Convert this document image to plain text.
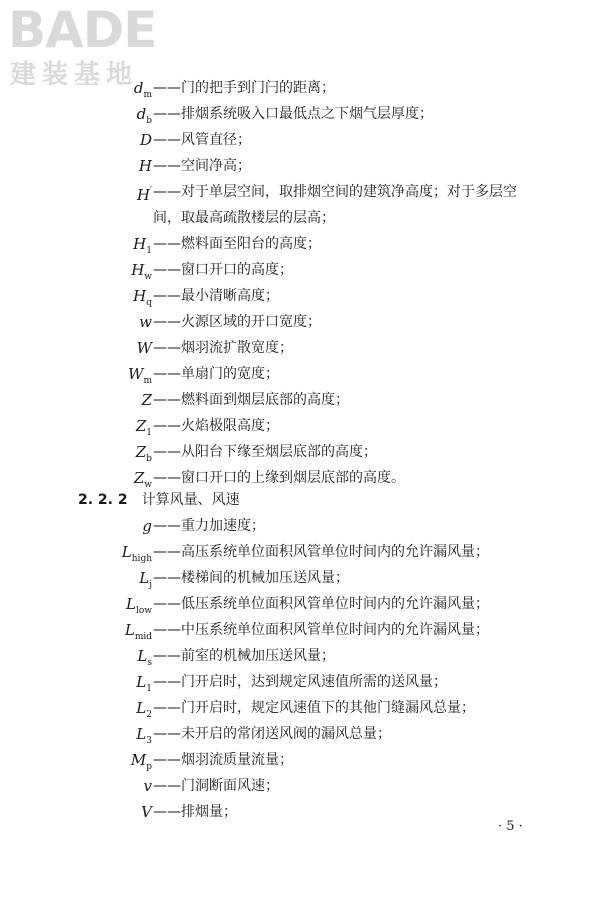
BADE
建装基地
$d_m$ ——门的把手到门闩的距离；
$d_b$ ——排烟系统吸入口最低点之下烟气层厚度；
D ——风管直径；
H ——空间净高；
H′ ——对于单层空间，取排烟空间的建筑净高度；对于多层空
间，取最高疏散楼层的层高；
$H_1$ ——燃料面至阳台的高度；
$H_w$ ——窗口开口的高度；
$H_q$ ——最小清晰高度；
w ——火源区域的开口宽度；
W ——烟羽流扩散宽度；
$W_m$ ——单扇门的宽度；
Z ——燃料面到烟层底部的高度；
$Z_1$ ——火焰极限高度；
$Z_b$ ——从阳台下缘至烟层底部的高度；
$Z_w$ ——窗口开口的上缘到烟层底部的高度。
2. 2. 2 计算风量、风速
g ——重力加速度；
$L_{high}$ ——高压系统单位面积风管单位时间内的允许漏风量；
$L_j$ ——楼梯间的机械加压送风量；
$L_{low}$ ——低压系统单位面积风管单位时间内的允许漏风量；
$L_{mid}$ ——中压系统单位面积风管单位时间内的允许漏风量；
$L_s$ ——前室的机械加压送风量；
$L_1$ ——门开启时，达到规定风速值所需的送风量；
$L_2$ ——门开启时，规定风速值下的其他门缝漏风总量；
$L_3$ ——未开启的常闭送风阀的漏风总量；
$M_p$ ——烟羽流质量流量；
v ——门洞断面风速；
V ——排烟量；
· 5 ·
